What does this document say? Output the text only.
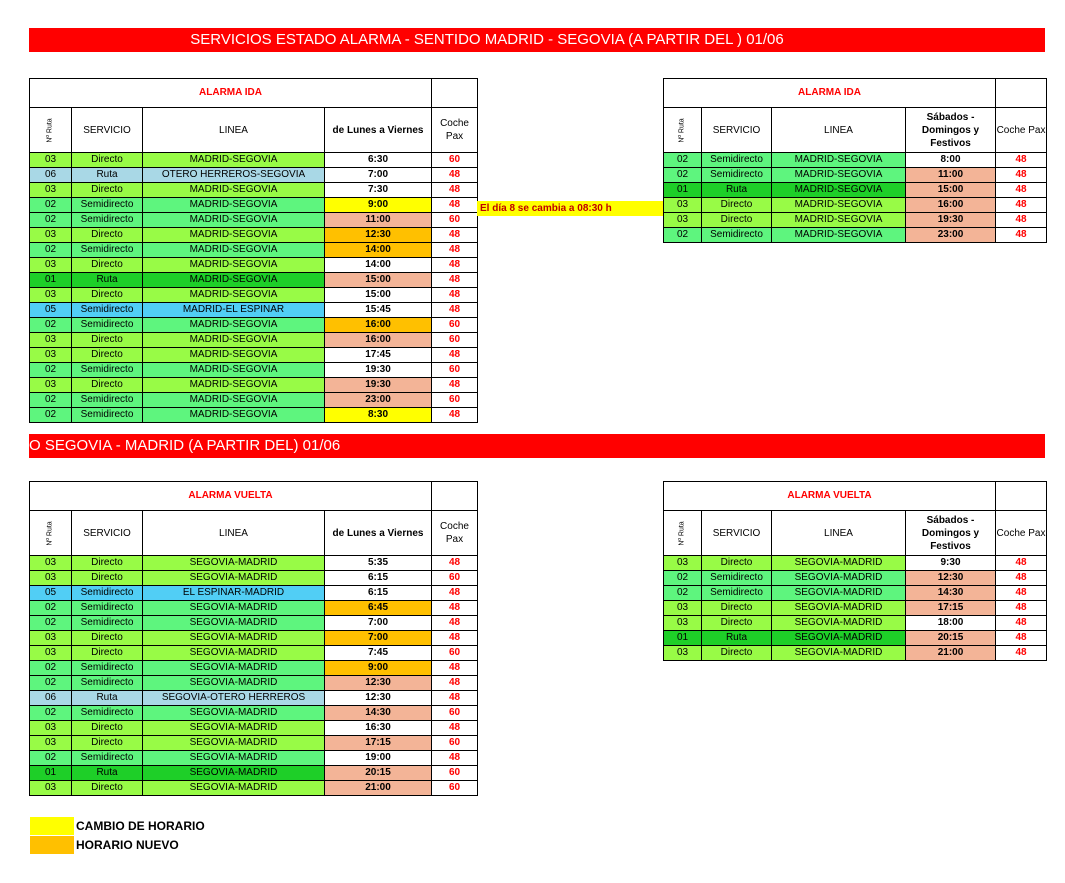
SERVICIOS ESTADO ALARMA - SENTIDO MADRID - SEGOVIA (A PARTIR DEL ) 01/06
ALARMA IDA				
Nº Ruta	SERVICIO	LINEA	de Lunes a Viernes	Coche Pax
03	Directo	MADRID-SEGOVIA	6:30	60
06	Ruta	OTERO HERREROS-SEGOVIA	7:00	48
03	Directo	MADRID-SEGOVIA	7:30	48
02	Semidirecto	MADRID-SEGOVIA	9:00	48
02	Semidirecto	MADRID-SEGOVIA	11:00	60
03	Directo	MADRID-SEGOVIA	12:30	48
02	Semidirecto	MADRID-SEGOVIA	14:00	48
03	Directo	MADRID-SEGOVIA	14:00	48
01	Ruta	MADRID-SEGOVIA	15:00	48
03	Directo	MADRID-SEGOVIA	15:00	48
05	Semidirecto	MADRID-EL ESPINAR	15:45	48
02	Semidirecto	MADRID-SEGOVIA	16:00	60
03	Directo	MADRID-SEGOVIA	16:00	60
03	Directo	MADRID-SEGOVIA	17:45	48
02	Semidirecto	MADRID-SEGOVIA	19:30	60
03	Directo	MADRID-SEGOVIA	19:30	48
02	Semidirecto	MADRID-SEGOVIA	23:00	60
02	Semidirecto	MADRID-SEGOVIA	8:30	48
El día 8 se cambia a 08:30 h
ALARMA IDA				
Nº Ruta	SERVICIO	LINEA	Sábados - Domingos y Festivos	Coche Pax
02	Semidirecto	MADRID-SEGOVIA	8:00	48
02	Semidirecto	MADRID-SEGOVIA	11:00	48
01	Ruta	MADRID-SEGOVIA	15:00	48
03	Directo	MADRID-SEGOVIA	16:00	48
03	Directo	MADRID-SEGOVIA	19:30	48
02	Semidirecto	MADRID-SEGOVIA	23:00	48
O SEGOVIA - MADRID (A PARTIR DEL) 01/06
ALARMA VUELTA				
Nº Ruta	SERVICIO	LINEA	de Lunes a Viernes	Coche Pax
03	Directo	SEGOVIA-MADRID	5:35	48
03	Directo	SEGOVIA-MADRID	6:15	60
05	Semidirecto	EL ESPINAR-MADRID	6:15	48
02	Semidirecto	SEGOVIA-MADRID	6:45	48
02	Semidirecto	SEGOVIA-MADRID	7:00	48
03	Directo	SEGOVIA-MADRID	7:00	48
03	Directo	SEGOVIA-MADRID	7:45	60
02	Semidirecto	SEGOVIA-MADRID	9:00	48
02	Semidirecto	SEGOVIA-MADRID	12:30	48
06	Ruta	SEGOVIA-OTERO HERREROS	12:30	48
02	Semidirecto	SEGOVIA-MADRID	14:30	60
03	Directo	SEGOVIA-MADRID	16:30	48
03	Directo	SEGOVIA-MADRID	17:15	60
02	Semidirecto	SEGOVIA-MADRID	19:00	48
01	Ruta	SEGOVIA-MADRID	20:15	60
03	Directo	SEGOVIA-MADRID	21:00	60
ALARMA VUELTA				
Nº Ruta	SERVICIO	LINEA	Sábados - Domingos y Festivos	Coche Pax
03	Directo	SEGOVIA-MADRID	9:30	48
02	Semidirecto	SEGOVIA-MADRID	12:30	48
02	Semidirecto	SEGOVIA-MADRID	14:30	48
03	Directo	SEGOVIA-MADRID	17:15	48
03	Directo	SEGOVIA-MADRID	18:00	48
01	Ruta	SEGOVIA-MADRID	20:15	48
03	Directo	SEGOVIA-MADRID	21:00	48
CAMBIO DE HORARIO
HORARIO NUEVO
